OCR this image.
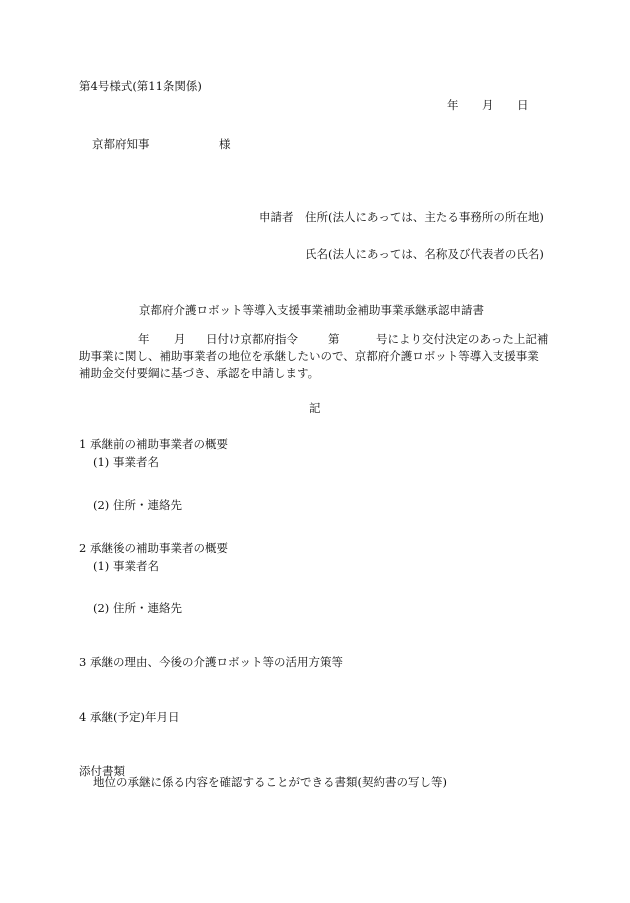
第4号様式(第11条関係)
年 月 日
京都府知事	様
申請者 住所(法人にあっては、主たる事務所の所在地)
氏名(法人にあっては、名称及び代表者の氏名)
京都府介護ロボット等導入支援事業補助金補助事業承継承認申請書
年 月 日付け京都府指令	第	号により交付決定のあった上記補
助事業に関し、補助事業者の地位を承継したいので、京都府介護ロボット等導入支援事業
補助金交付要綱に基づき、承認を申請します。
記
1 承継前の補助事業者の概要
(1) 事業者名
(2) 住所・連絡先
2 承継後の補助事業者の概要
(1) 事業者名
(2) 住所・連絡先
3 承継の理由、今後の介護ロボット等の活用方策等
4 承継(予定)年月日
添付書類
地位の承継に係る内容を確認することができる書類(契約書の写し等)
